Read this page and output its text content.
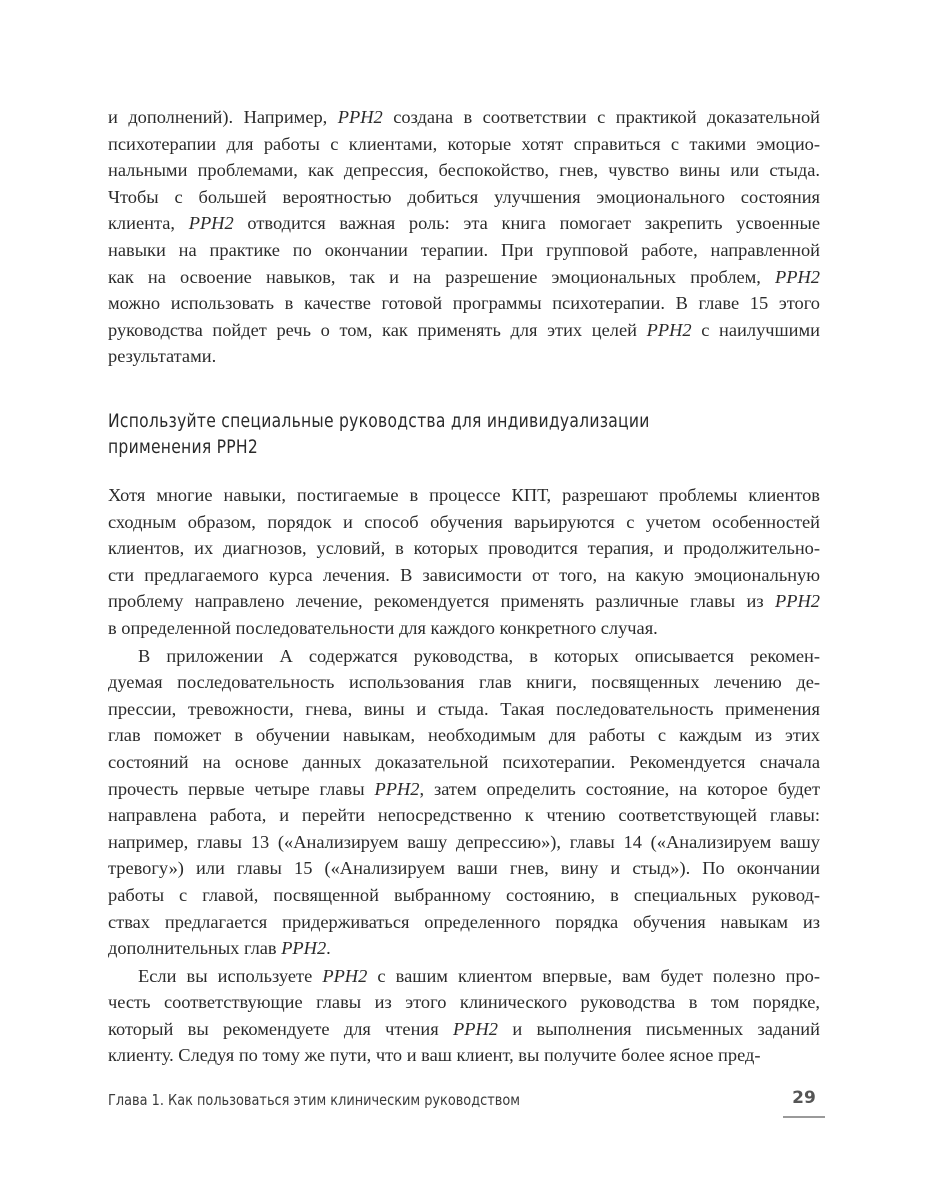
и дополнений). Например, PPH2 создана в соответствии с практикой доказательной
психотерапии для работы с клиентами, которые хотят справиться с такими эмоцио-
нальными проблемами, как депрессия, беспокойство, гнев, чувство вины или стыда.
Чтобы с большей вероятностью добиться улучшения эмоционального состояния
клиента, PPH2 отводится важная роль: эта книга помогает закрепить усвоенные
навыки на практике по окончании терапии. При групповой работе, направленной
как на освоение навыков, так и на разрешение эмоциональных проблем, PPH2
можно использовать в качестве готовой программы психотерапии. В главе 15 этого
руководства пойдет речь о том, как применять для этих целей PPH2 с наилучшими
результатами.
Используйте специальные руководства для индивидуализации
применения PPH2
Хотя многие навыки, постигаемые в процессе КПТ, разрешают проблемы клиентов
сходным образом, порядок и способ обучения варьируются с учетом особенностей
клиентов, их диагнозов, условий, в которых проводится терапия, и продолжительно-
сти предлагаемого курса лечения. В зависимости от того, на какую эмоциональную
проблему направлено лечение, рекомендуется применять различные главы из PPH2
в определенной последовательности для каждого конкретного случая.
В приложении А содержатся руководства, в которых описывается рекомен-
дуемая последовательность использования глав книги, посвященных лечению де-
прессии, тревожности, гнева, вины и стыда. Такая последовательность применения
глав поможет в обучении навыкам, необходимым для работы с каждым из этих
состояний на основе данных доказательной психотерапии. Рекомендуется сначала
прочесть первые четыре главы PPH2, затем определить состояние, на которое будет
направлена работа, и перейти непосредственно к чтению соответствующей главы:
например, главы 13 («Анализируем вашу депрессию»), главы 14 («Анализируем вашу
тревогу») или главы 15 («Анализируем ваши гнев, вину и стыд»). По окончании
работы с главой, посвященной выбранному состоянию, в специальных руковод-
ствах предлагается придерживаться определенного порядка обучения навыкам из
дополнительных глав PPH2.
Если вы используете PPH2 с вашим клиентом впервые, вам будет полезно про-
честь соответствующие главы из этого клинического руководства в том порядке,
который вы рекомендуете для чтения PPH2 и выполнения письменных заданий
клиенту. Следуя по тому же пути, что и ваш клиент, вы получите более ясное пред-
Глава 1. Как пользоваться этим клиническим руководством	29
